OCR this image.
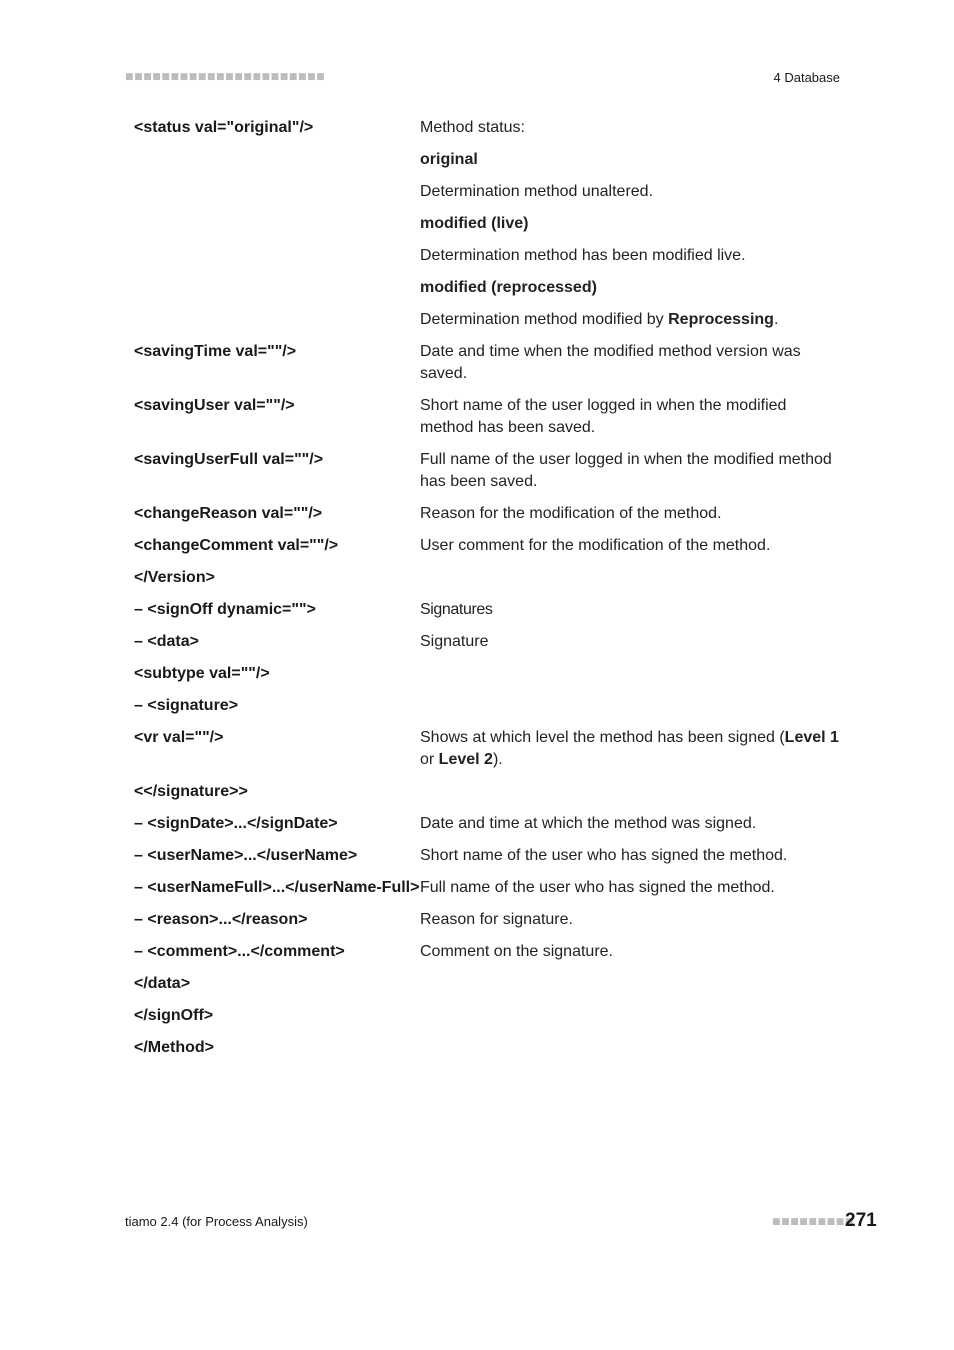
■■■■■■■■■■■■■■■■■■■■■■	4 Database
<status val="original"/>	Method status:
original
Determination method unaltered.
modified (live)
Determination method has been modified live.
modified (reprocessed)
Determination method modified by Reprocessing.
<savingTime val=""/>	Date and time when the modified method version was saved.
<savingUser val=""/>	Short name of the user logged in when the modified method has been saved.
<savingUserFull val=""/>	Full name of the user logged in when the modified method has been saved.
<changeReason val=""/>	Reason for the modification of the method.
<changeComment val=""/>	User comment for the modification of the method.
</Version>
– <signOff dynamic="">	Signatures
– <data>	Signature
<subtype val=""/>
– <signature>
<vr val=""/>	Shows at which level the method has been signed (Level 1 or Level 2).
<</signature>>
– <signDate>...</signDate>	Date and time at which the method was signed.
– <userName>...</userName>	Short name of the user who has signed the method.
– <userNameFull>...</userName-Full> Full name of the user who has signed the method.
– <reason>...</reason>	Reason for signature.
– <comment>...</comment>	Comment on the signature.
</data>
</signOff>
</Method>
tiamo 2.4 (for Process Analysis)	■■■■■■■■■
271
